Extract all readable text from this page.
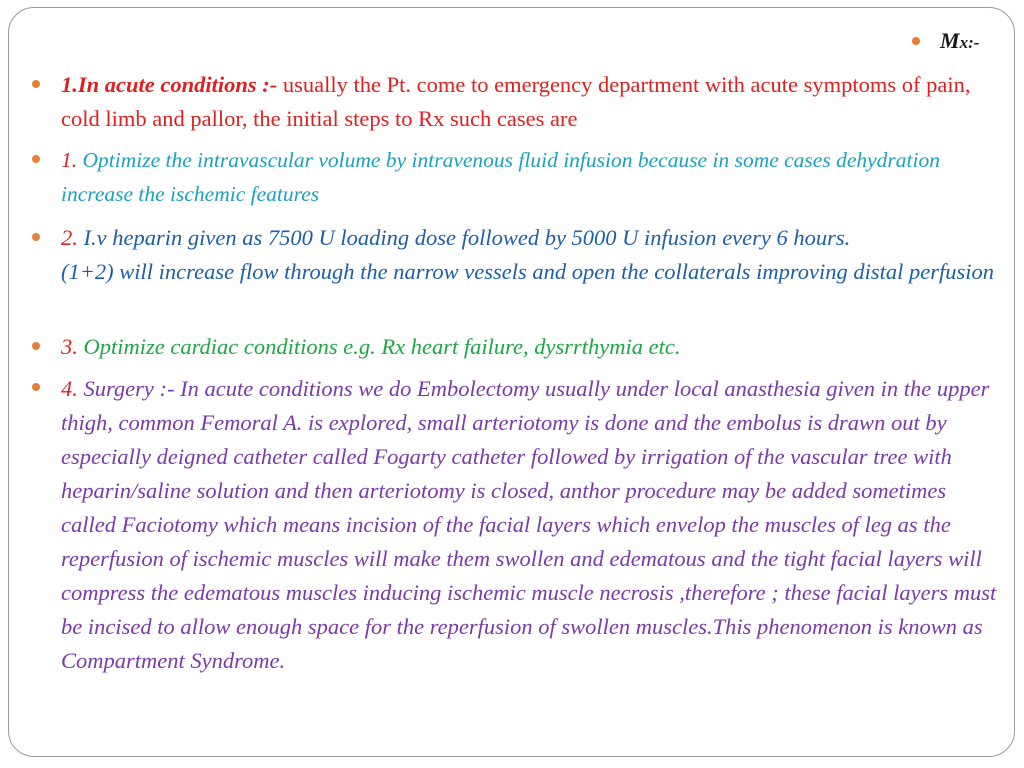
Mx:-

1.In acute conditions :- usually the Pt. come to emergency department with acute symptoms of pain, cold limb and pallor, the initial steps to Rx such cases are

1. Optimize the intravascular volume by intravenous fluid infusion because in some cases dehydration increase the ischemic features

2. I.v heparin given as 7500 U loading dose followed by 5000 U infusion every 6 hours.
(1+2) will increase flow through the narrow vessels and open the collaterals improving distal perfusion

3. Optimize cardiac conditions e.g. Rx heart failure, dysrrthymia etc.

4. Surgery :- In acute conditions we do Embolectomy usually under local anasthesia given in the upper thigh, common Femoral A. is explored, small arteriotomy is done and the embolus is drawn out by especially deigned catheter called Fogarty catheter followed by irrigation of the vascular tree with heparin/saline solution and then arteriotomy is closed, anthor procedure may be added sometimes called Faciotomy which means incision of the facial layers which envelop the muscles of leg as the reperfusion of ischemic muscles will make them swollen and edematous and the tight facial layers will compress the edematous muscles inducing ischemic muscle necrosis ,therefore ; these facial layers must be incised to allow enough space for the reperfusion of swollen muscles.This phenomenon is known as Compartment Syndrome.
